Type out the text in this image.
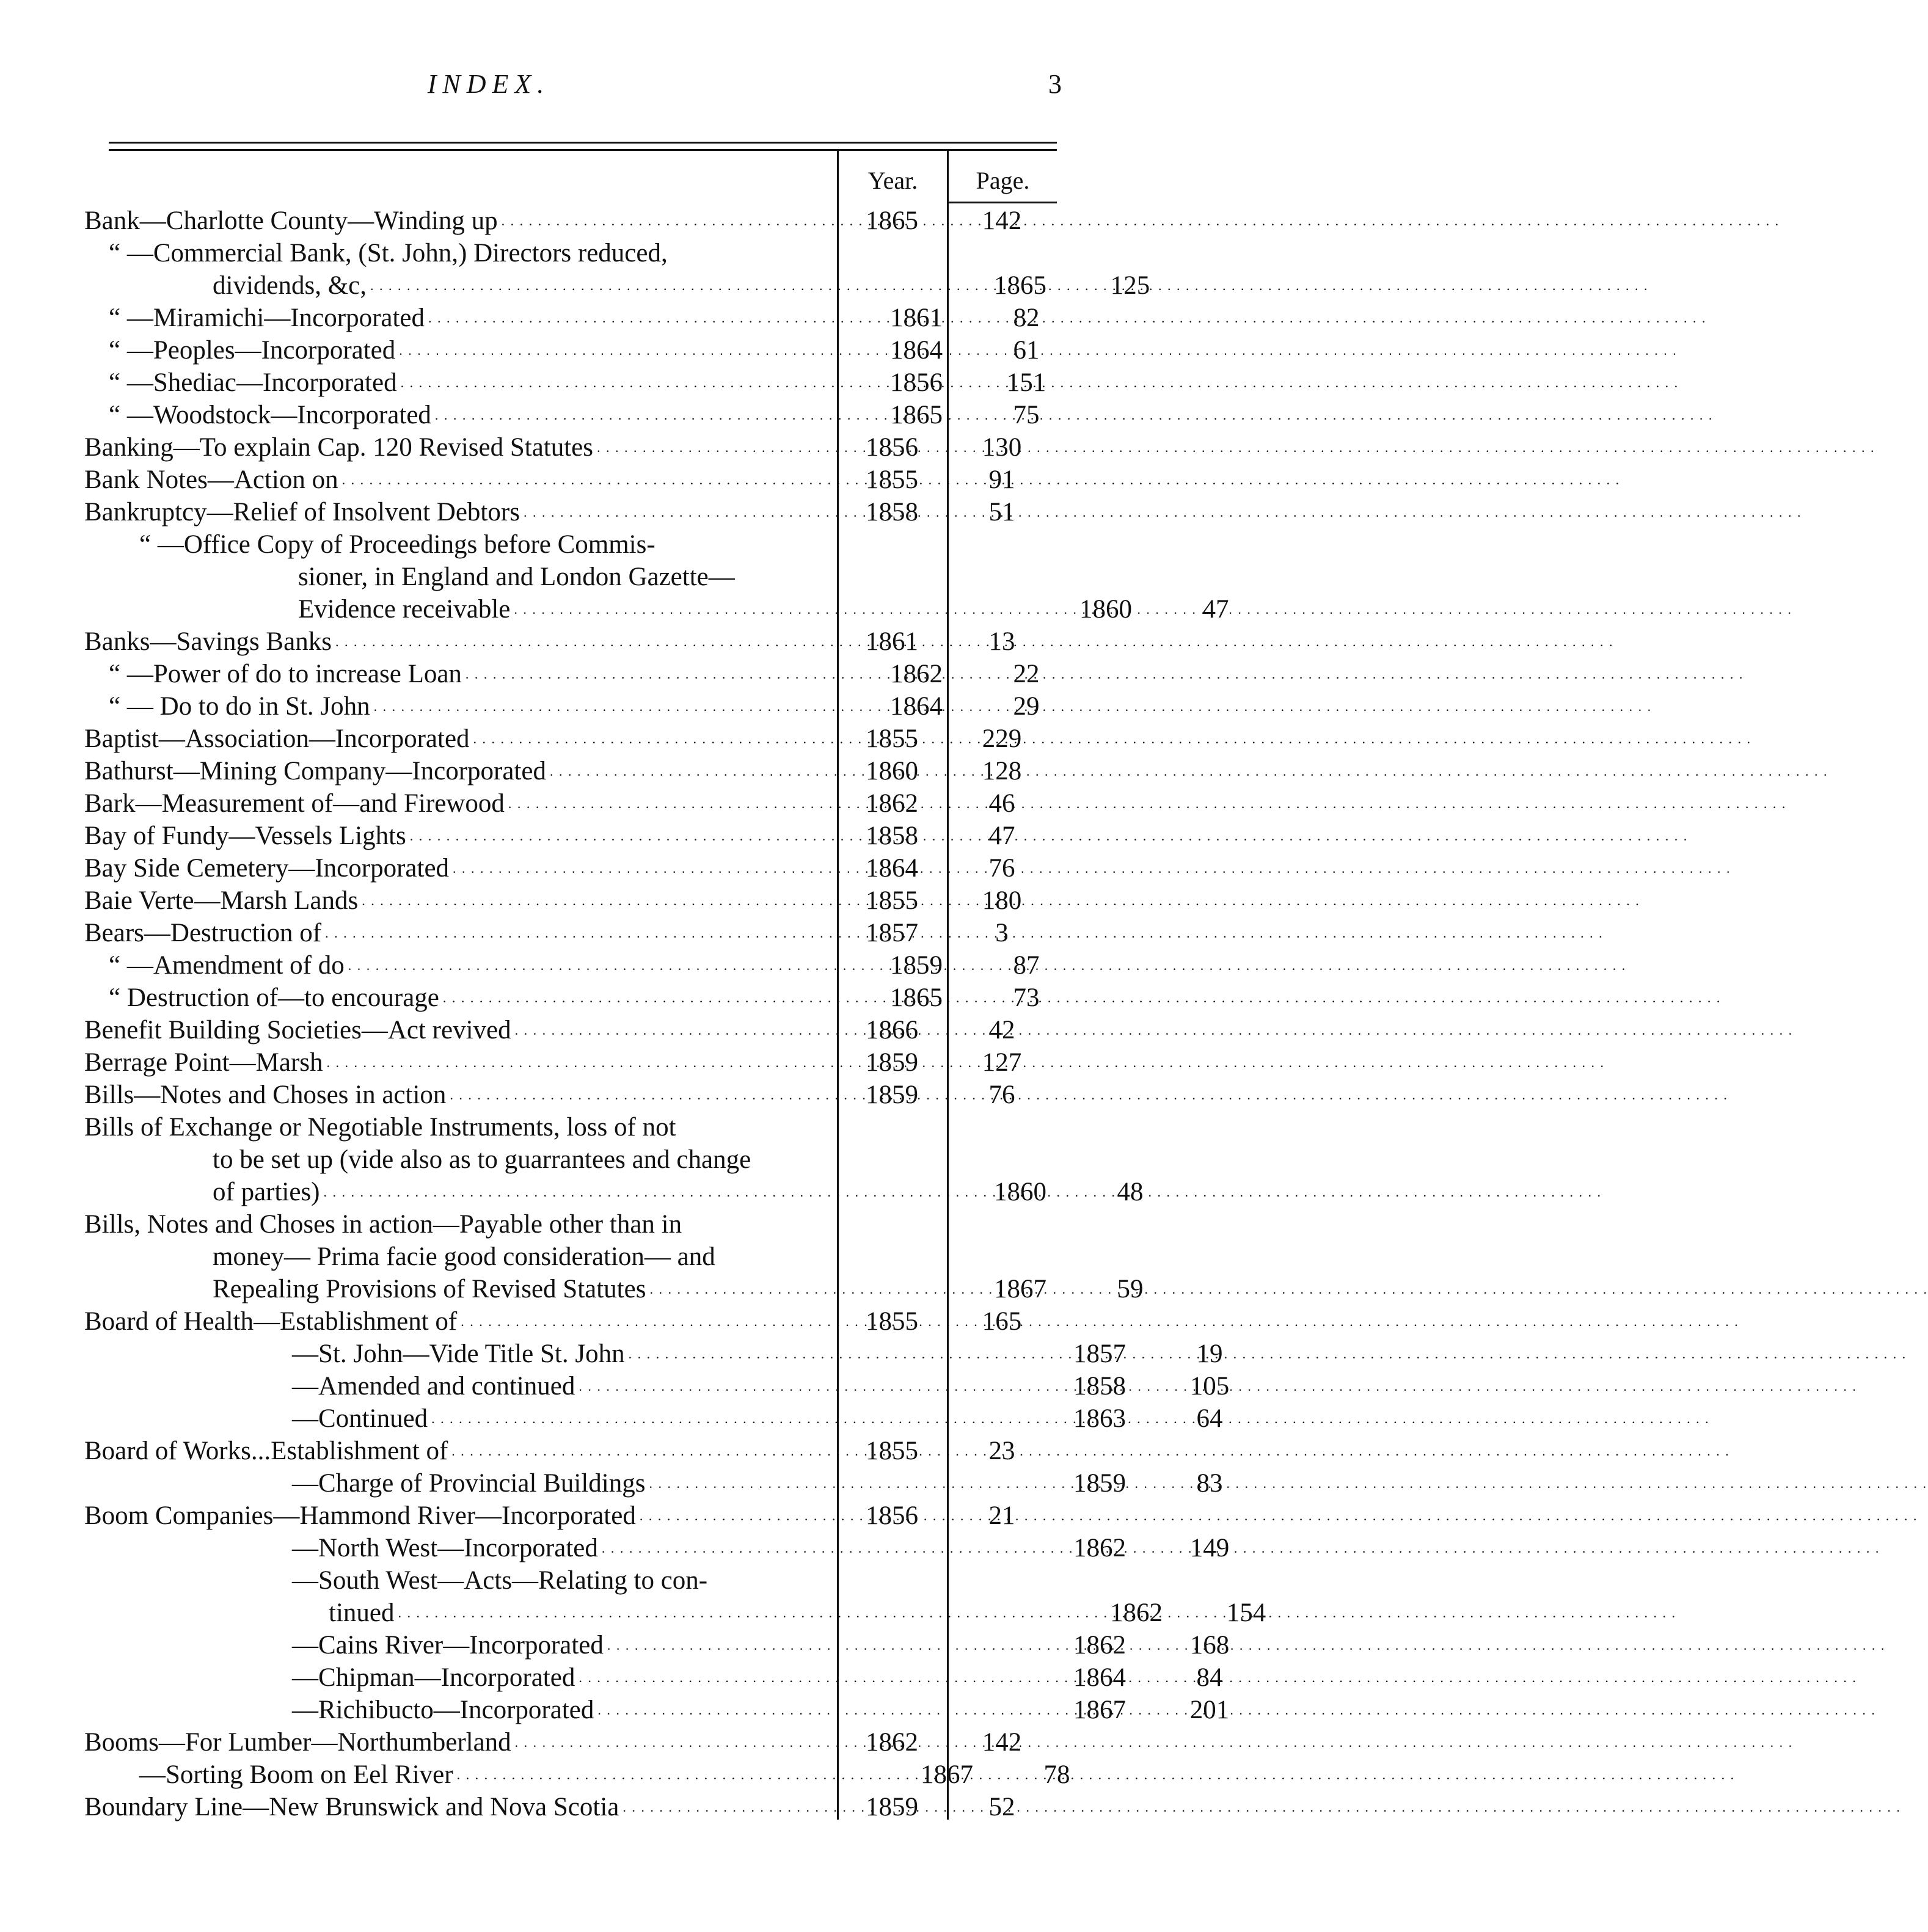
INDEX.	3
Year.	Page.
Bank—Charlotte County—Winding up . . .	1865	142
“ —Commercial Bank, (St. John,) Directors reduced,
dividends, &c, . . .	1865	125
“ —Miramichi—Incorporated . . .	1861	82
“ —Peoples—Incorporated . . .	1864	61
“ —Shediac—Incorporated . . .	1856	151
“ —Woodstock—Incorporated . . .	1865	75
Banking—To explain Cap. 120 Revised Statutes . . .	1856	130
Bank Notes—Action on . . .	1855	91
Bankruptcy—Relief of Insolvent Debtors . . .	1858	51
“ —Office Copy of Proceedings before Commis-
sioner, in England and London Gazette—
Evidence receivable . . .	1860	47
Banks—Savings Banks . . .	1861	13
“ —Power of do to increase Loan . . .	1862	22
“ — Do to do in St. John . . .	1864	29
Baptist—Association—Incorporated . . .	1855	229
Bathurst—Mining Company—Incorporated . . .	1860	128
Bark—Measurement of—and Firewood . . .	1862	46
Bay of Fundy—Vessels Lights . . .	1858	47
Bay Side Cemetery—Incorporated . . .	1864	76
Baie Verte—Marsh Lands . . .	1855	180
Bears—Destruction of . . .	1857	3
“ —Amendment of do . . .	1859	87
“ Destruction of—to encourage . . .	1865	73
Benefit Building Societies—Act revived . . .	1866	42
Berrage Point—Marsh . . .	1859	127
Bills—Notes and Choses in action . . .	1859	76
Bills of Exchange or Negotiable Instruments, loss of not
to be set up (vide also as to guarrantees and change
of parties) . . .	1860	48
Bills, Notes and Choses in action—Payable other than in
money— Prima facie good consideration— and
Repealing Provisions of Revised Statutes . . .	1867	59
Board of Health—Establishment of . . .	1855	165
—St. John—Vide Title St. John . . .	1857	19
—Amended and continued . . .	1858	105
—Continued . . .	1863	64
Board of Works...Establishment of . . .	1855	23
—Charge of Provincial Buildings . . .	1859	83
Boom Companies—Hammond River—Incorporated . . .	1856	21
—North West—Incorporated . . .	1862	149
—South West—Acts—Relating to con-
tinued . . .	1862	154
—Cains River—Incorporated . . .	1862	168
—Chipman—Incorporated . . .	1864	84
—Richibucto—Incorporated . . .	1867	201
Booms—For Lumber—Northumberland . . .	1862	142
—Sorting Boom on Eel River . . .	1867	78
Boundary Line—New Brunswick and Nova Scotia . . .	1859	52
